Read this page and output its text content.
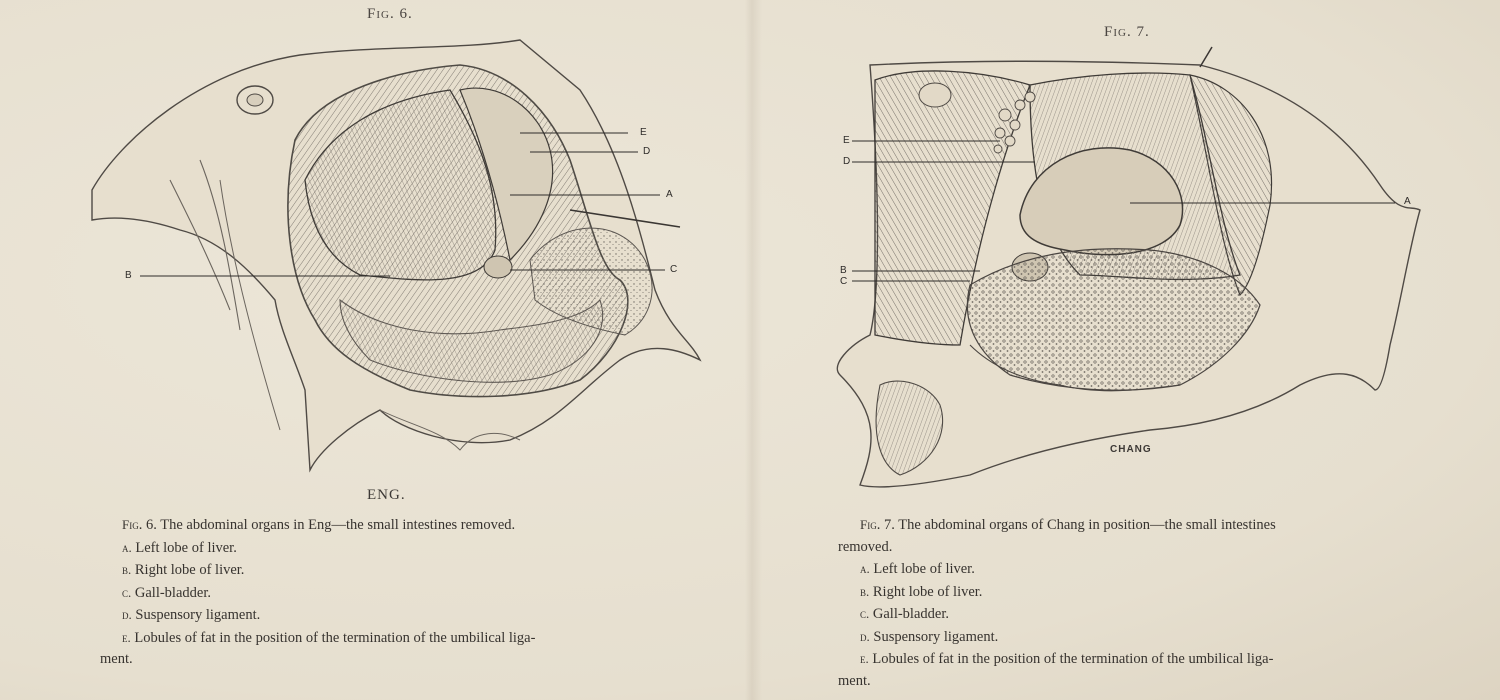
Fig. 6.
E
D
A
B
C
ENG.

Fig. 6. The abdominal organs in Eng—the small intestines removed.

a. Left lobe of liver.

b. Right lobe of liver.

c. Gall-bladder.

d. Suspensory ligament.

e. Lobules of fat in the position of the termination of the umbilical liga-

ment.

Fig. 7.
E
D
A
B
C
CHANG

Fig. 7. The abdominal organs of Chang in position—the small intestines

removed.

a. Left lobe of liver.

b. Right lobe of liver.

c. Gall-bladder.

d. Suspensory ligament.

e. Lobules of fat in the position of the termination of the umbilical liga-

ment.
